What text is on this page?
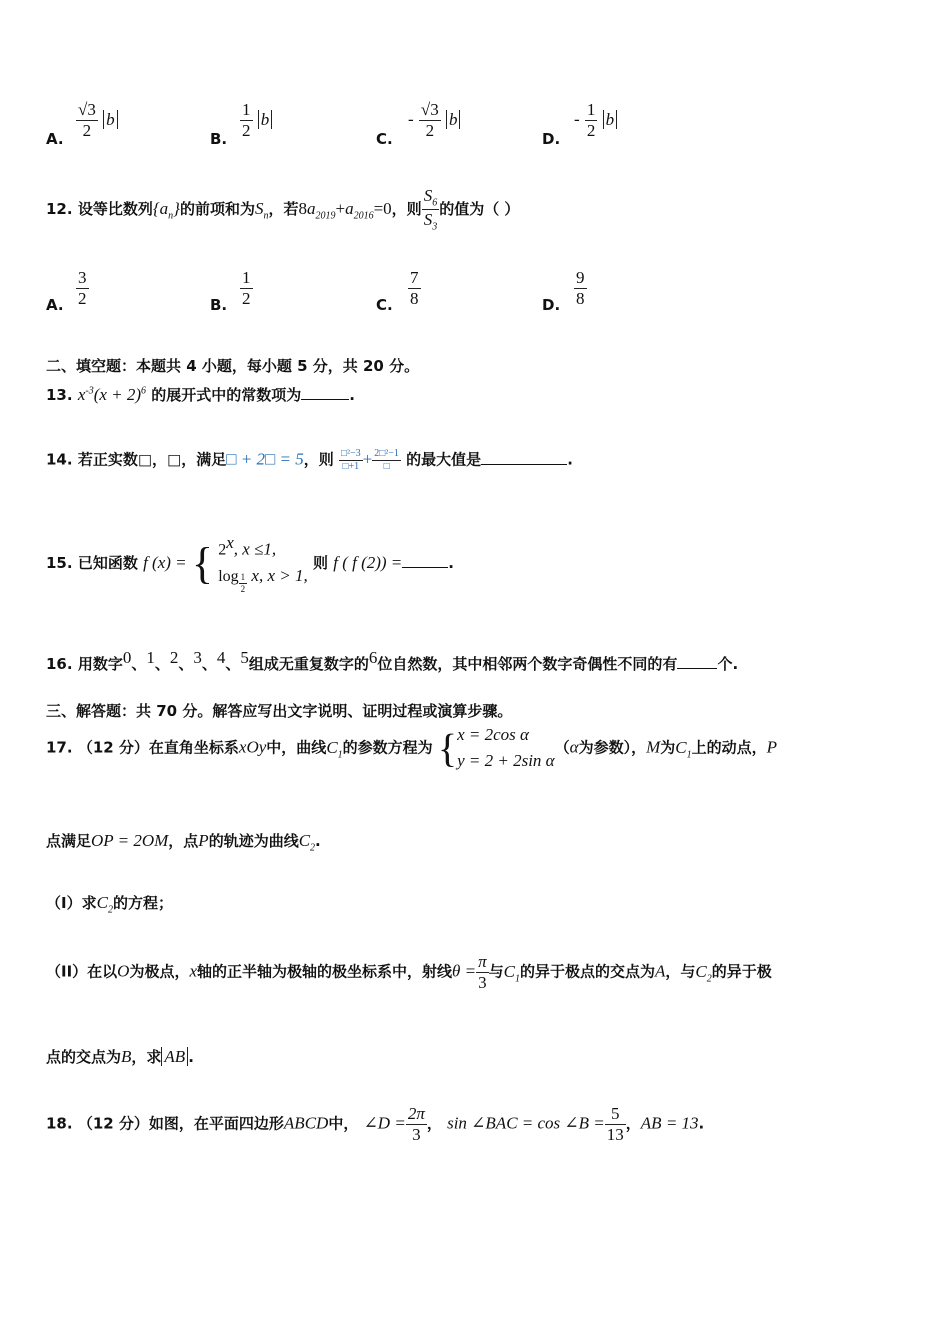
A. $\frac{√3}{2}$ b
B. $\frac{1}{2}$ b
C.
- $\frac{√3}{2}$ b
D.
- $\frac{1}{2}$ b
12. 设等比数列$\{a_n\}$的前项和为$S_n$，若$8a_{2019}+a_{2016}=0$，则 $\frac{S_6}{S_3}$ 的值为（ ）
A. $\frac{3}{2}$	B. $\frac{1}{2}$	C. $\frac{7}{8}$	D. $\frac{9}{8}$
二、填空题：本题共 4 小题，每小题 5 分，共 20 分。
13. $x^{-3}(x + 2)^6$ 的展开式中的常数项为	.
14. 若正实数□，□，满足□ + 2□ = 5，则 $\frac{\text{□²−3}}{□+1} + \frac{\text{2□²−1}}{□}$ 的最大值是	.
15. 已知函数 f (x) = { 2$^x$, x ≤1,
log $_{\frac{1}{2}}$ x, x > 1,
则 f ( f (2)) =	.
16. 用数字$^0$、$^1$、$^2$、$^3$、$^4$、$^5$组成无重复数字的$^6$位自然数，其中相邻两个数字奇偶性不同的有	个.
三、解答题：共 70 分。解答应写出文字说明、证明过程或演算步骤。
17. （12 分）在直角坐标系xOy中，曲线$C_1$的参数方程为 { x = 2cos α
y = 2 + 2sin α
（α为参数），M为$C_1$上的动点，P
点满足OP = 2OM，点P的轨迹为曲线$C_2$.
（I）求$C_2$的方程；
（II）在以O为极点，x轴的正半轴为极轴的极坐标系中，射线$\theta = \frac{\pi}{3}$ 与$C_1$的异于极点的交点为A，与$C_2$的异于极
点的交点为B，求 AB .
18. （12 分）如图，在平面四边形ABCD中， ∠D = $\frac{2\pi}{3}$ ， sin ∠BAC = cos ∠B = $\frac{5}{13}$ ，AB = 13.
